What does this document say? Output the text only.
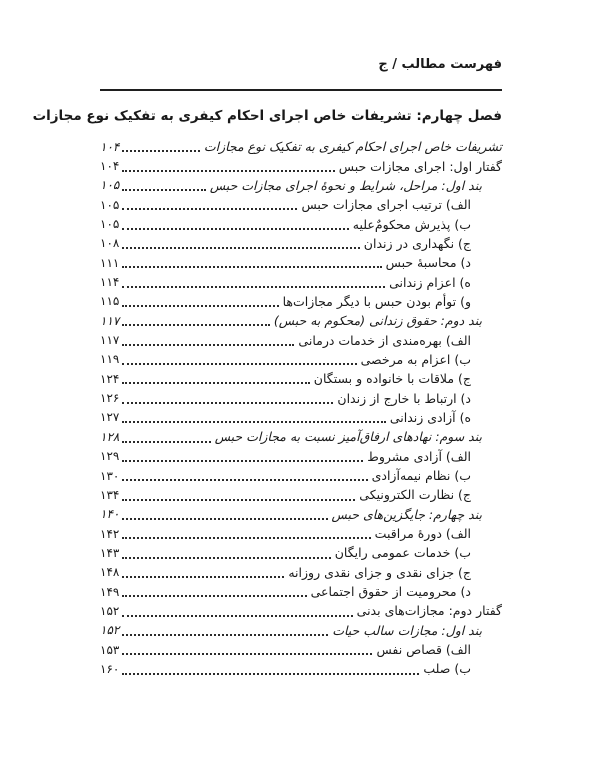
فهرست مطالب / ج
فصل چهارم: تشریفات خاص اجرای احکام کیفری به تفکیک نوع مجازات
تشریفات خاص اجرای احکام کیفری به تفکیک نوع مجازات
۱۰۴
گفتار اول: اجرای مجازات حبس
۱۰۴
بند اول: مراحل، شرایط و نحوهٔ اجرای مجازات حبس
۱۰۵
الف) ترتیب اجرای مجازات حبس
۱۰۵
ب) پذیرش محکومٌ‌علیه
۱۰۵
ج) نگهداری در زندان
۱۰۸
د) محاسبهٔ حبس
۱۱۱
ه) اعزام زندانی
۱۱۴
و) توأم بودن حبس با دیگر مجازات‌ها
۱۱۵
بند دوم: حقوق زندانی (محکوم به حبس)
۱۱۷
الف) بهره‌مندی از خدمات درمانی
۱۱۷
ب) اعزام به مرخصی
۱۱۹
ج) ملاقات با خانواده و بستگان
۱۲۴
د) ارتباط با خارج از زندان
۱۲۶
ه) آزادی زندانی
۱۲۷
بند سوم: نهادهای ارفاق‌آمیز نسبت به مجازات حبس
۱۲۸
الف) آزادی مشروط
۱۲۹
ب) نظام نیمه‌آزادی
۱۳۰
ج) نظارت الکترونیکی
۱۳۴
بند چهارم: جایگزین‌های حبس
۱۴۰
الف) دورهٔ مراقبت
۱۴۲
ب) خدمات عمومی رایگان
۱۴۳
ج) جزای نقدی و جزای نقدی روزانه
۱۴۸
د) محرومیت از حقوق اجتماعی
۱۴۹
گفتار دوم: مجازات‌های بدنی
۱۵۲
بند اول: مجازات سالب حیات
۱۵۲
الف) قصاص نفس
۱۵۳
ب) صلب
۱۶۰
